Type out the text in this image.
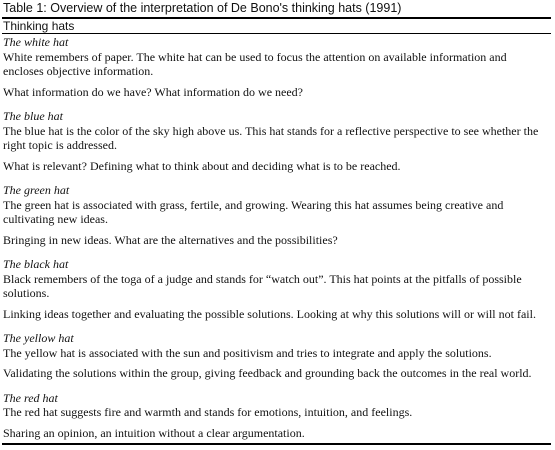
Table 1: Overview of the interpretation of De Bono's thinking hats (1991)
Thinking hats
The white hat
White remembers of paper. The white hat can be used to focus the attention on available information and encloses objective information.
What information do we have? What information do we need?
The blue hat
The blue hat is the color of the sky high above us. This hat stands for a reflective perspective to see whether the right topic is addressed.
What is relevant? Defining what to think about and deciding what is to be reached.
The green hat
The green hat is associated with grass, fertile, and growing. Wearing this hat assumes being creative and cultivating new ideas.
Bringing in new ideas. What are the alternatives and the possibilities?
The black hat
Black remembers of the toga of a judge and stands for “watch out”. This hat points at the pitfalls of possible solutions.
Linking ideas together and evaluating the possible solutions. Looking at why this solutions will or will not fail.
The yellow hat
The yellow hat is associated with the sun and positivism and tries to integrate and apply the solutions.
Validating the solutions within the group, giving feedback and grounding back the outcomes in the real world.
The red hat
The red hat suggests fire and warmth and stands for emotions, intuition, and feelings.
Sharing an opinion, an intuition without a clear argumentation.
